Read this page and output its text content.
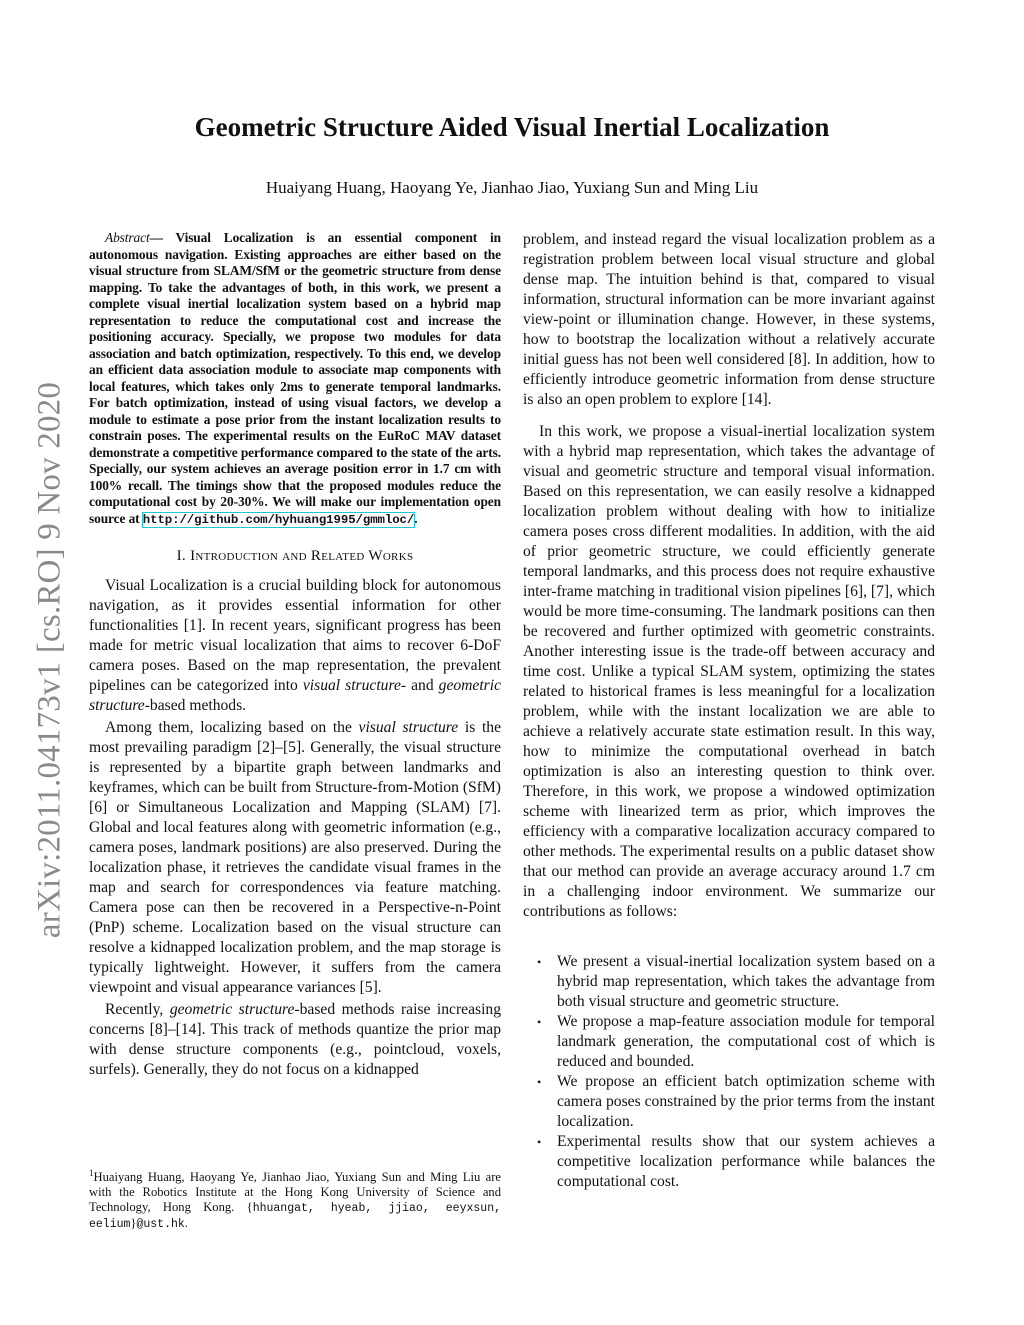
arXiv:2011.04173v1 [cs.RO] 9 Nov 2020
Geometric Structure Aided Visual Inertial Localization
Huaiyang Huang, Haoyang Ye, Jianhao Jiao, Yuxiang Sun and Ming Liu

Abstract— Visual Localization is an essential component in autonomous navigation. Existing approaches are either based on the visual structure from SLAM/SfM or the geometric structure from dense mapping. To take the advantages of both, in this work, we present a complete visual inertial localization system based on a hybrid map representation to reduce the computational cost and increase the positioning accuracy. Specially, we propose two modules for data association and batch optimization, respectively. To this end, we develop an efficient data association module to associate map components with local features, which takes only 2ms to generate temporal landmarks. For batch optimization, instead of using visual factors, we develop a module to estimate a pose prior from the instant localization results to constrain poses. The experimental results on the EuRoC MAV dataset demonstrate a competitive performance compared to the state of the arts. Specially, our system achieves an average position error in 1.7 cm with 100% recall. The timings show that the proposed modules reduce the computational cost by 20-30%. We will make our implementation open source at http://github.com/hyhuang1995/gmmloc/.

I. Introduction and Related Works

Visual Localization is a crucial building block for autonomous navigation, as it provides essential information for other functionalities [1]. In recent years, significant progress has been made for metric visual localization that aims to recover 6-DoF camera poses. Based on the map representation, the prevalent pipelines can be categorized into visual structure- and geometric structure-based methods.

Among them, localizing based on the visual structure is the most prevailing paradigm [2]–[5]. Generally, the visual structure is represented by a bipartite graph between landmarks and keyframes, which can be built from Structure-from-Motion (SfM) [6] or Simultaneous Localization and Mapping (SLAM) [7]. Global and local features along with geometric information (e.g., camera poses, landmark positions) are also preserved. During the localization phase, it retrieves the candidate visual frames in the map and search for correspondences via feature matching. Camera pose can then be recovered in a Perspective-n-Point (PnP) scheme. Localization based on the visual structure can resolve a kidnapped localization problem, and the map storage is typically lightweight. However, it suffers from the camera viewpoint and visual appearance variances [5].

Recently, geometric structure-based methods raise increasing concerns [8]–[14]. This track of methods quantize the prior map with dense structure components (e.g., pointcloud, voxels, surfels). Generally, they do not focus on a kidnapped

$^1$Huaiyang Huang, Haoyang Ye, Jianhao Jiao, Yuxiang Sun and Ming Liu are with the Robotics Institute at the Hong Kong University of Science and Technology, Hong Kong. {hhuangat, hyeab, jjiao, eeyxsun, eelium}@ust.hk.

problem, and instead regard the visual localization problem as a registration problem between local visual structure and global dense map. The intuition behind is that, compared to visual information, structural information can be more invariant against view-point or illumination change. However, in these systems, how to bootstrap the localization without a relatively accurate initial guess has not been well considered [8]. In addition, how to efficiently introduce geometric information from dense structure is also an open problem to explore [14].

In this work, we propose a visual-inertial localization system with a hybrid map representation, which takes the advantage of visual and geometric structure and temporal visual information. Based on this representation, we can easily resolve a kidnapped localization problem without dealing with how to initialize camera poses cross different modalities. In addition, with the aid of prior geometric structure, we could efficiently generate temporal landmarks, and this process does not require exhaustive inter-frame matching in traditional vision pipelines [6], [7], which would be more time-consuming. The landmark positions can then be recovered and further optimized with geometric constraints. Another interesting issue is the trade-off between accuracy and time cost. Unlike a typical SLAM system, optimizing the states related to historical frames is less meaningful for a localization problem, while with the instant localization we are able to achieve a relatively accurate state estimation result. In this way, how to minimize the computational overhead in batch optimization is also an interesting question to think over. Therefore, in this work, we propose a windowed optimization scheme with linearized term as prior, which improves the efficiency with a comparative localization accuracy compared to other methods. The experimental results on a public dataset show that our method can provide an average accuracy around 1.7 cm in a challenging indoor environment. We summarize our contributions as follows:

• We present a visual-inertial localization system based on a hybrid map representation, which takes the advantage from both visual structure and geometric structure.
• We propose a map-feature association module for temporal landmark generation, the computational cost of which is reduced and bounded.
• We propose an efficient batch optimization scheme with camera poses constrained by the prior terms from the instant localization.
• Experimental results show that our system achieves a competitive localization performance while balances the computational cost.
